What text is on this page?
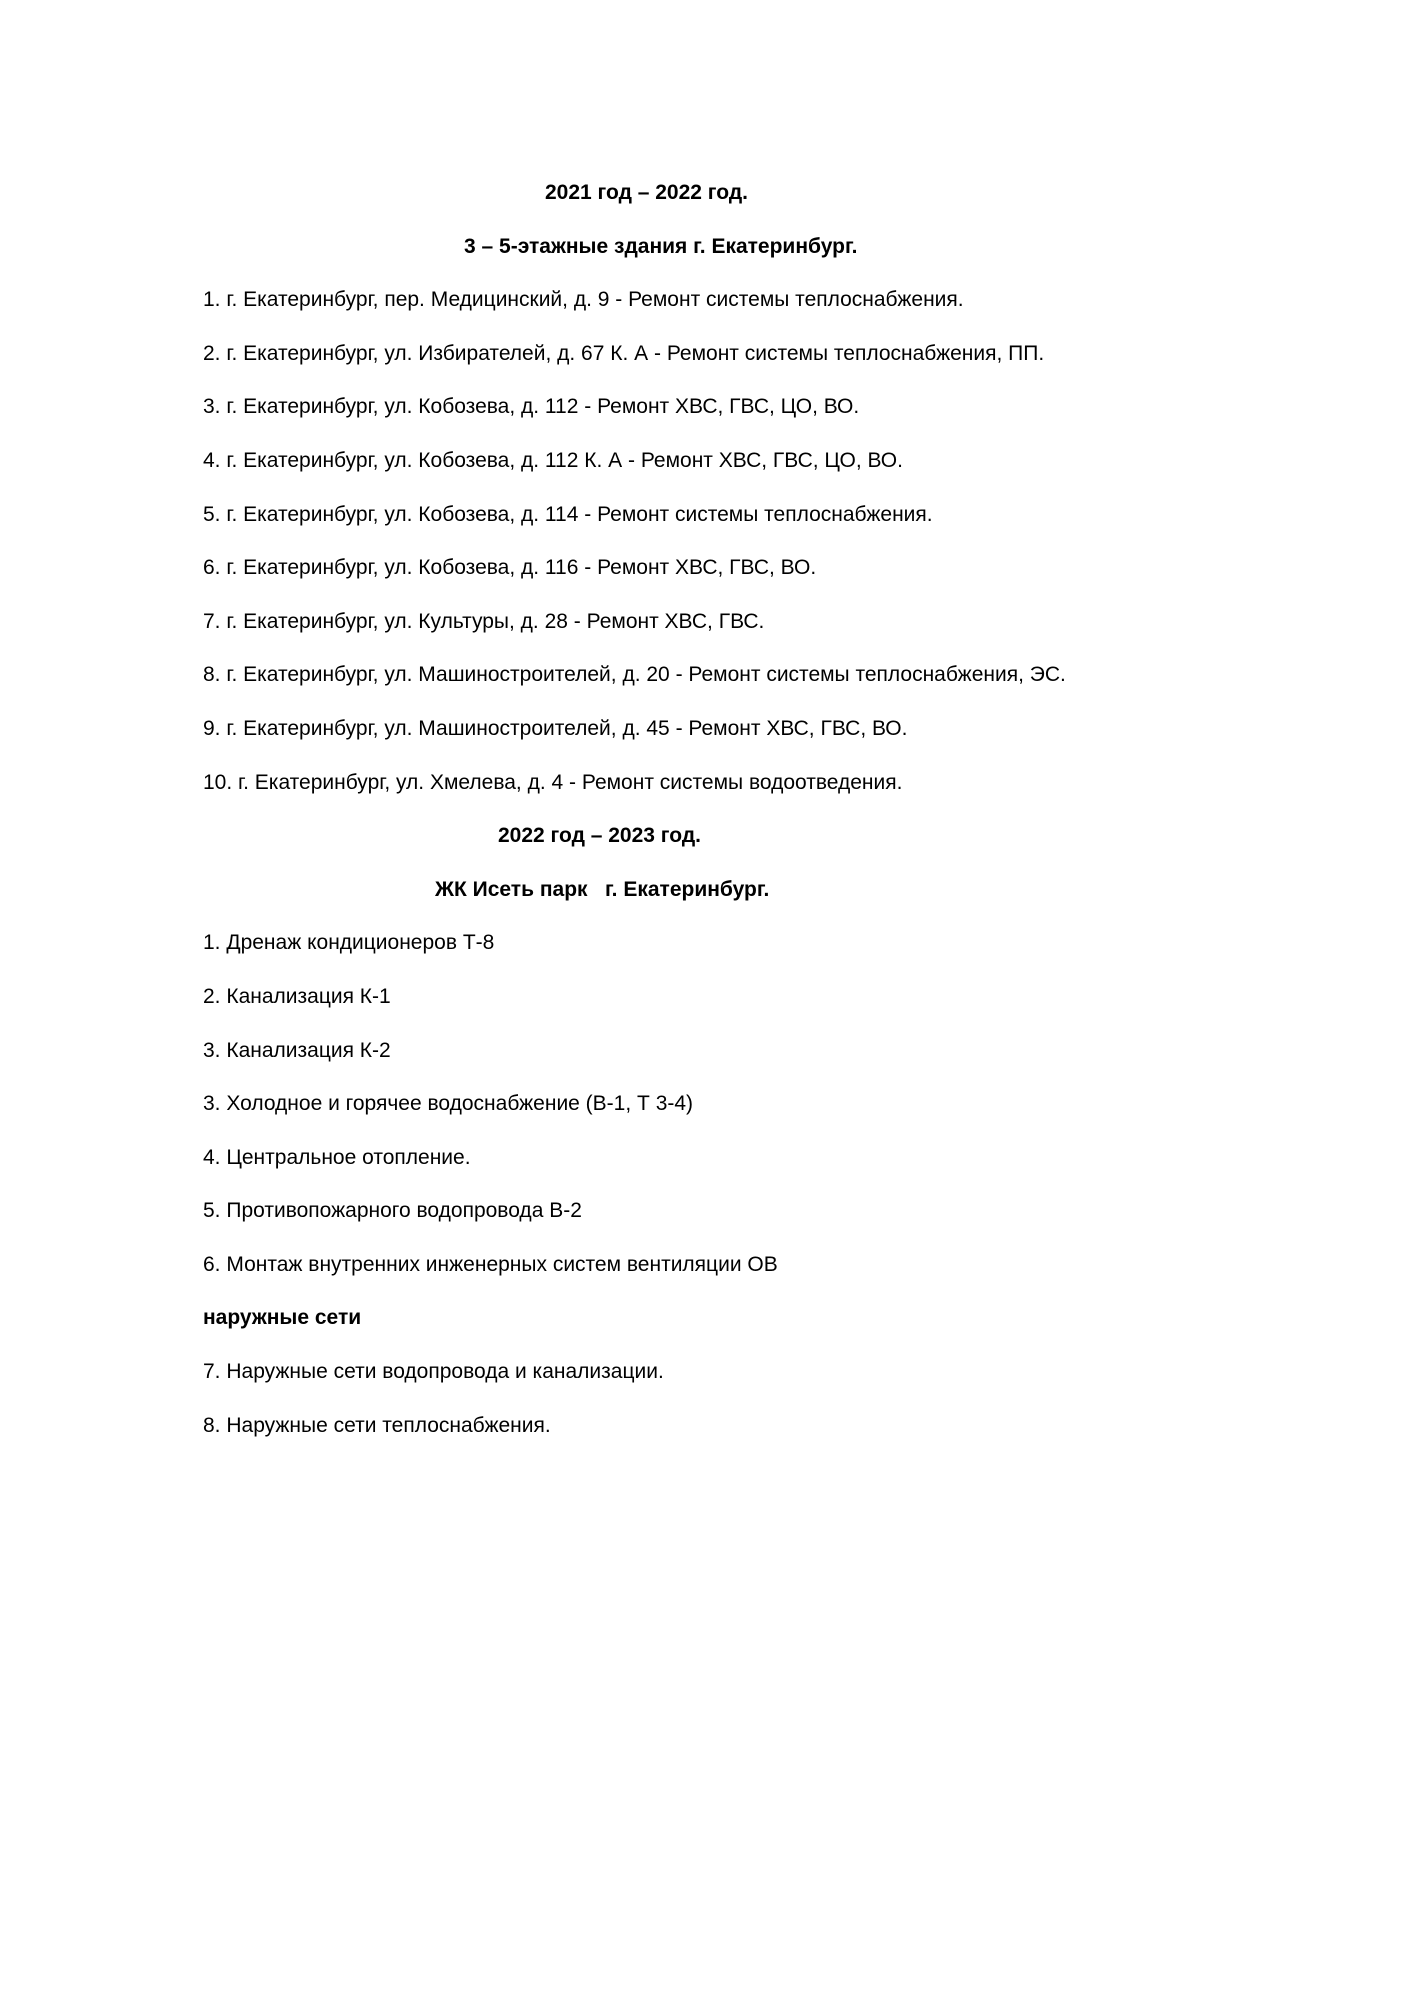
2021 год – 2022 год.
3 – 5-этажные здания г. Екатеринбург.
1. г. Екатеринбург, пер. Медицинский, д. 9 - Ремонт системы теплоснабжения.
2. г. Екатеринбург, ул. Избирателей, д. 67 К. А - Ремонт системы теплоснабжения, ПП.
3. г. Екатеринбург, ул. Кобозева, д. 112 - Ремонт ХВС, ГВС, ЦО, ВО.
4. г. Екатеринбург, ул. Кобозева, д. 112 К. А - Ремонт ХВС, ГВС, ЦО, ВО.
5. г. Екатеринбург, ул. Кобозева, д. 114 - Ремонт системы теплоснабжения.
6. г. Екатеринбург, ул. Кобозева, д. 116 - Ремонт ХВС, ГВС, ВО.
7. г. Екатеринбург, ул. Культуры, д. 28 - Ремонт ХВС, ГВС.
8. г. Екатеринбург, ул. Машиностроителей, д. 20 - Ремонт системы теплоснабжения, ЭС.
9. г. Екатеринбург, ул. Машиностроителей, д. 45 - Ремонт ХВС, ГВС, ВО.
10. г. Екатеринбург, ул. Хмелева, д. 4 - Ремонт системы водоотведения.
2022 год – 2023 год.
ЖК Исеть парк   г. Екатеринбург.
1. Дренаж кондиционеров Т-8
2. Канализация К-1
3. Канализация К-2
3. Холодное и горячее водоснабжение (В-1, Т 3-4)
4. Центральное отопление.
5. Противопожарного водопровода В-2
6. Монтаж внутренних инженерных систем вентиляции ОВ
наружные сети
7. Наружные сети водопровода и канализации.
8. Наружные сети теплоснабжения.
